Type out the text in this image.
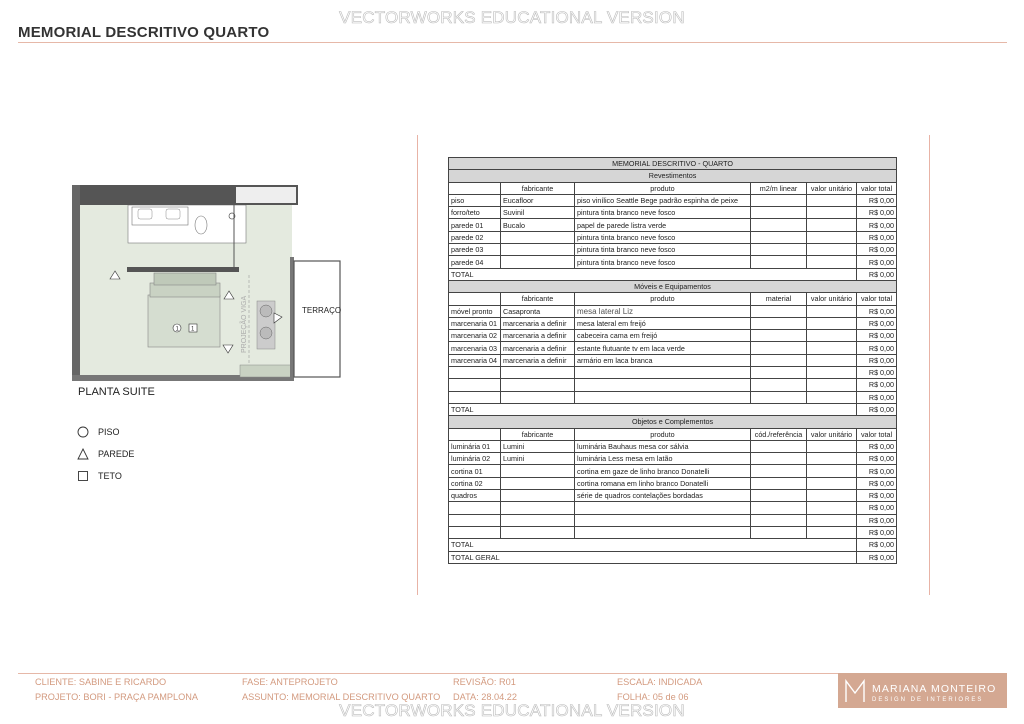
VECTORWORKS EDUCATIONAL VERSION
MEMORIAL DESCRITIVO QUARTO
1 1	PROJEÇÃO VIGA	TERRAÇO
PLANTA SUITE
PISO
PAREDE
TETO
MEMORIAL DESCRITIVO - QUARTO					
Revestimentos					
	fabricante	produto	m2/m linear	valor unitário	valor total
piso	Eucafloor	piso vinílico Seattle Bege padrão espinha de peixe			R$ 0,00
forro/teto	Suvinil	pintura tinta branco neve fosco			R$ 0,00
parede 01	Bucalo	papel de parede listra verde			R$ 0,00
parede 02		pintura tinta branco neve fosco			R$ 0,00
parede 03		pintura tinta branco neve fosco			R$ 0,00
parede 04		pintura tinta branco neve fosco			R$ 0,00
TOTAL					R$ 0,00
Móveis e Equipamentos					
	fabricante	produto	material	valor unitário	valor total
móvel pronto	Casapronta	mesa lateral Liz			R$ 0,00
marcenaria 01	marcenaria a definir	mesa lateral em freijó			R$ 0,00
marcenaria 02	marcenaria a definir	cabeceira cama em freijó			R$ 0,00
marcenaria 03	marcenaria a definir	estante flutuante tv em laca verde			R$ 0,00
marcenaria 04	marcenaria a definir	armário em laca branca			R$ 0,00
					R$ 0,00
					R$ 0,00
					R$ 0,00
TOTAL					R$ 0,00
Objetos e Complementos					
	fabricante	produto	cód./referência	valor unitário	valor total
luminária 01	Lumini	luminária Bauhaus mesa cor sálvia			R$ 0,00
luminária 02	Lumini	luminária Less mesa em latão			R$ 0,00
cortina 01		cortina em gaze de linho branco Donatelli			R$ 0,00
cortina 02		cortina romana em linho branco Donatelli			R$ 0,00
quadros		série de quadros contelações bordadas			R$ 0,00
					R$ 0,00
					R$ 0,00
					R$ 0,00
TOTAL					R$ 0,00
TOTAL GERAL					R$ 0,00
CLIENTE: SABINE E RICARDO
PROJETO: BORI - PRAÇA PAMPLONA
FASE: ANTEPROJETO
ASSUNTO: MEMORIAL DESCRITIVO QUARTO
REVISÃO: R01
DATA: 28.04.22
ESCALA: INDICADA
FOLHA: 05 de 06
MARIANA MONTEIRO
DESIGN DE INTERIORES
VECTORWORKS EDUCATIONAL VERSION
